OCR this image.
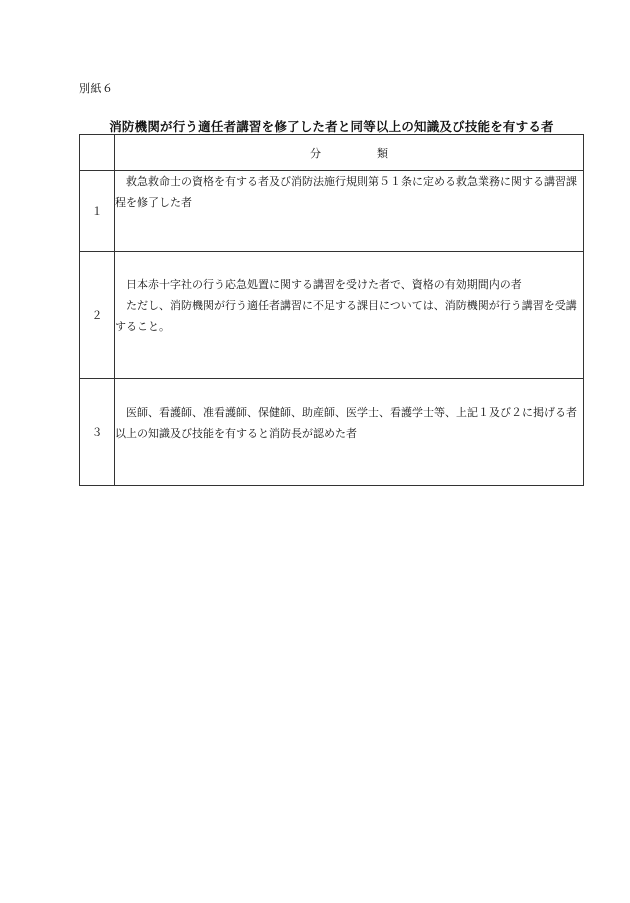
別紙６
消防機関が行う適任者講習を修了した者と同等以上の知識及び技能を有する者
	分 類
１	救急救命士の資格を有する者及び消防法施行規則第５１条に定める救急業務に関する講習課程を修了した者

２	日本赤十字社の行う応急処置に関する講習を受けた者で、資格の有効期間内の者

ただし、消防機関が行う適任者講習に不足する課目については、消防機関が行う講習を受講すること。

３	医師、看護師、准看護師、保健師、助産師、医学士、看護学士等、上記１及び２に掲げる者以上の知識及び技能を有すると消防長が認めた者
